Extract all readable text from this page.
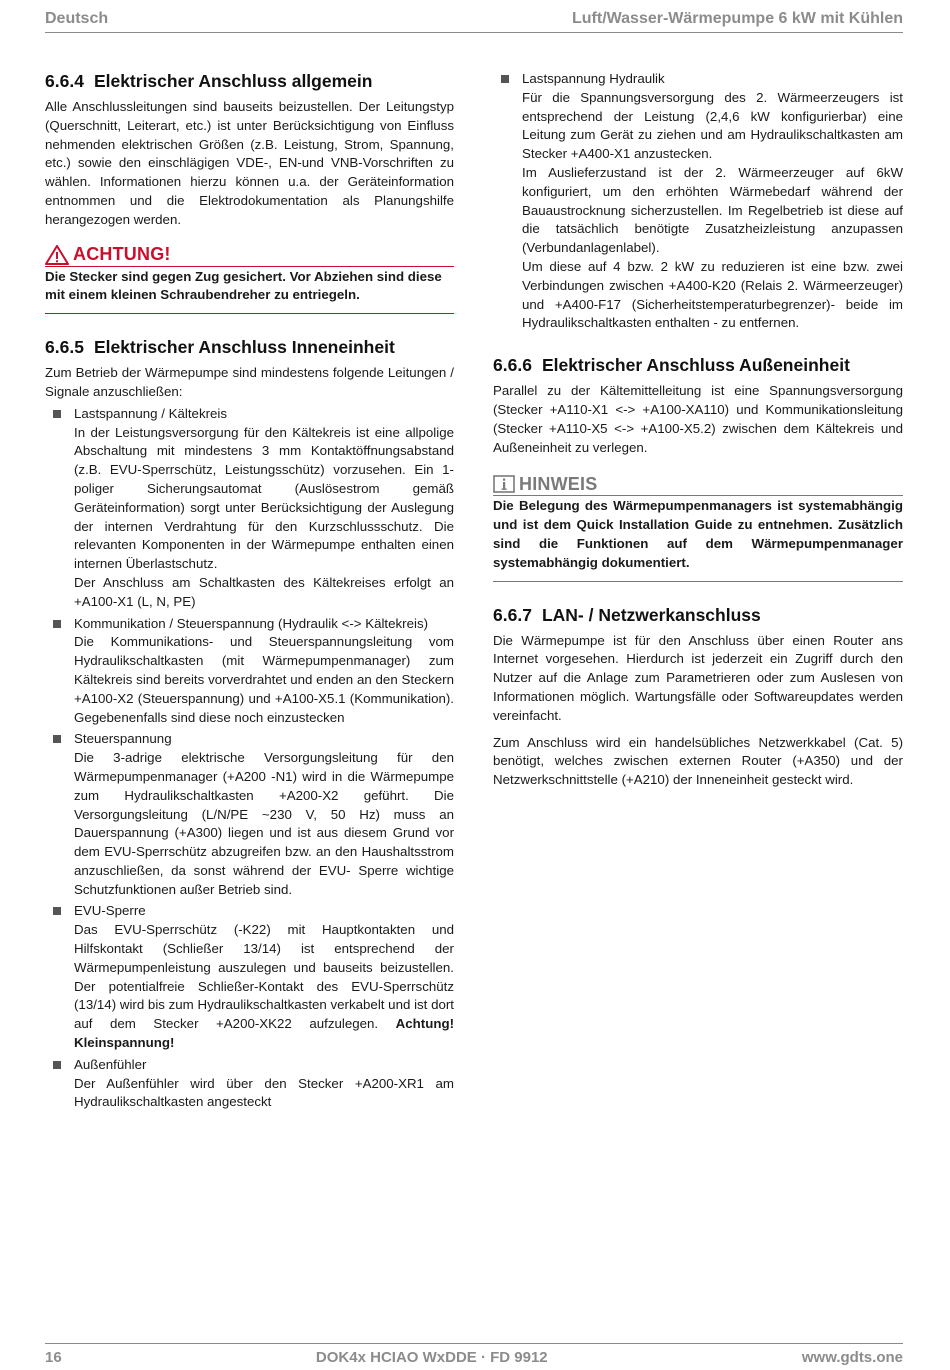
Deutsch	Luft/Wasser-Wärmepumpe 6 kW mit Kühlen
6.6.4 Elektrischer Anschluss allgemein

Alle Anschlussleitungen sind bauseits beizustellen. Der Leitungstyp (Querschnitt, Leiterart, etc.) ist unter Berücksichtigung von Einfluss nehmenden elektrischen Größen (z.B. Leistung, Strom, Spannung, etc.) sowie den einschlägigen VDE-, EN-und VNB-Vorschriften zu wählen. Informationen hierzu können u.a. der Geräteinformation entnommen und die Elektrodokumentation als Planungshilfe herangezogen werden.

ACHTUNG!
Die Stecker sind gegen Zug gesichert. Vor Abziehen sind diese mit einem kleinen Schraubendreher zu entriegeln.
6.6.5 Elektrischer Anschluss Inneneinheit

Zum Betrieb der Wärmepumpe sind mindestens folgende Leitungen / Signale anzuschließen:

Lastspannung / Kältekreis
In der Leistungsversorgung für den Kältekreis ist eine allpolige Abschaltung mit mindestens 3 mm Kontaktöffnungsabstand (z.B. EVU-Sperrschütz, Leistungsschütz) vorzusehen. Ein 1-poliger Sicherungsautomat (Auslösestrom gemäß Geräteinformation) sorgt unter Berücksichtigung der Auslegung der internen Verdrahtung für den Kurzschlussschutz. Die relevanten Komponenten in der Wärmepumpe enthalten einen internen Überlastschutz.
Der Anschluss am Schaltkasten des Kältekreises erfolgt an +A100-X1 (L, N, PE)
Kommunikation / Steuerspannung (Hydraulik <-> Kältekreis)
Die Kommunikations- und Steuerspannungsleitung vom Hydraulikschaltkasten (mit Wärmepumpenmanager) zum Kältekreis sind bereits vorverdrahtet und enden an den Steckern +A100-X2 (Steuerspannung) und +A100-X5.1 (Kommunikation). Gegebenenfalls sind diese noch einzustecken
Steuerspannung
Die 3-adrige elektrische Versorgungsleitung für den Wärmepumpenmanager (+A200 -N1) wird in die Wärmepumpe zum Hydraulikschaltkasten +A200-X2 geführt. Die Versorgungsleitung (L/N/PE ~230 V, 50 Hz) muss an Dauerspannung (+A300) liegen und ist aus diesem Grund vor dem EVU-Sperrschütz abzugreifen bzw. an den Haushaltsstrom anzuschließen, da sonst während der EVU- Sperre wichtige Schutzfunktionen außer Betrieb sind.
EVU-Sperre
Das EVU-Sperrschütz (-K22) mit Hauptkontakten und Hilfskontakt (Schließer 13/14) ist entsprechend der Wärmepumpenleistung auszulegen und bauseits beizustellen. Der potentialfreie Schließer-Kontakt des EVU-Sperrschütz (13/14) wird bis zum Hydraulikschaltkasten verkabelt und ist dort auf dem Stecker +A200-XK22 aufzulegen. Achtung! Kleinspannung!
Außenfühler
Der Außenfühler wird über den Stecker +A200-XR1 am Hydraulikschaltkasten angesteckt
Lastspannung Hydraulik
Für die Spannungsversorgung des 2. Wärmeerzeugers ist entsprechend der Leistung (2,4,6 kW konfigurierbar) eine Leitung zum Gerät zu ziehen und am Hydraulikschaltkasten am Stecker +A400-X1 anzustecken.
Im Auslieferzustand ist der 2. Wärmeerzeuger auf 6kW konfiguriert, um den erhöhten Wärmebedarf während der Bauaustrocknung sicherzustellen. Im Regelbetrieb ist diese auf die tatsächlich benötigte Zusatzheizleistung anzupassen (Verbundanlagenlabel).
Um diese auf 4 bzw. 2 kW zu reduzieren ist eine bzw. zwei Verbindungen zwischen +A400-K20 (Relais 2. Wärmeerzeuger) und +A400-F17 (Sicherheitstemperaturbegrenzer)- beide im Hydraulikschaltkasten enthalten - zu entfernen.
6.6.6 Elektrischer Anschluss Außeneinheit

Parallel zu der Kältemittelleitung ist eine Spannungsversorgung (Stecker +A110-X1 <-> +A100-XA110) und Kommunikationsleitung (Stecker +A110-X5 <-> +A100-X5.2) zwischen dem Kältekreis und Außeneinheit zu verlegen.

HINWEIS
Die Belegung des Wärmepumpenmanagers ist systemabhängig und ist dem Quick Installation Guide zu entnehmen. Zusätzlich sind die Funktionen auf dem Wärmepumpenmanager systemabhängig dokumentiert.
6.6.7 LAN- / Netzwerkanschluss

Die Wärmepumpe ist für den Anschluss über einen Router ans Internet vorgesehen. Hierdurch ist jederzeit ein Zugriff durch den Nutzer auf die Anlage zum Parametrieren oder zum Auslesen von Informationen möglich. Wartungsfälle oder Softwareupdates werden vereinfacht.

Zum Anschluss wird ein handelsübliches Netzwerkkabel (Cat. 5) benötigt, welches zwischen externen Router (+A350) und der Netzwerkschnittstelle (+A210) der Inneneinheit gesteckt wird.

16	DOK4x HCIAO WxDDE · FD 9912	www.gdts.one
